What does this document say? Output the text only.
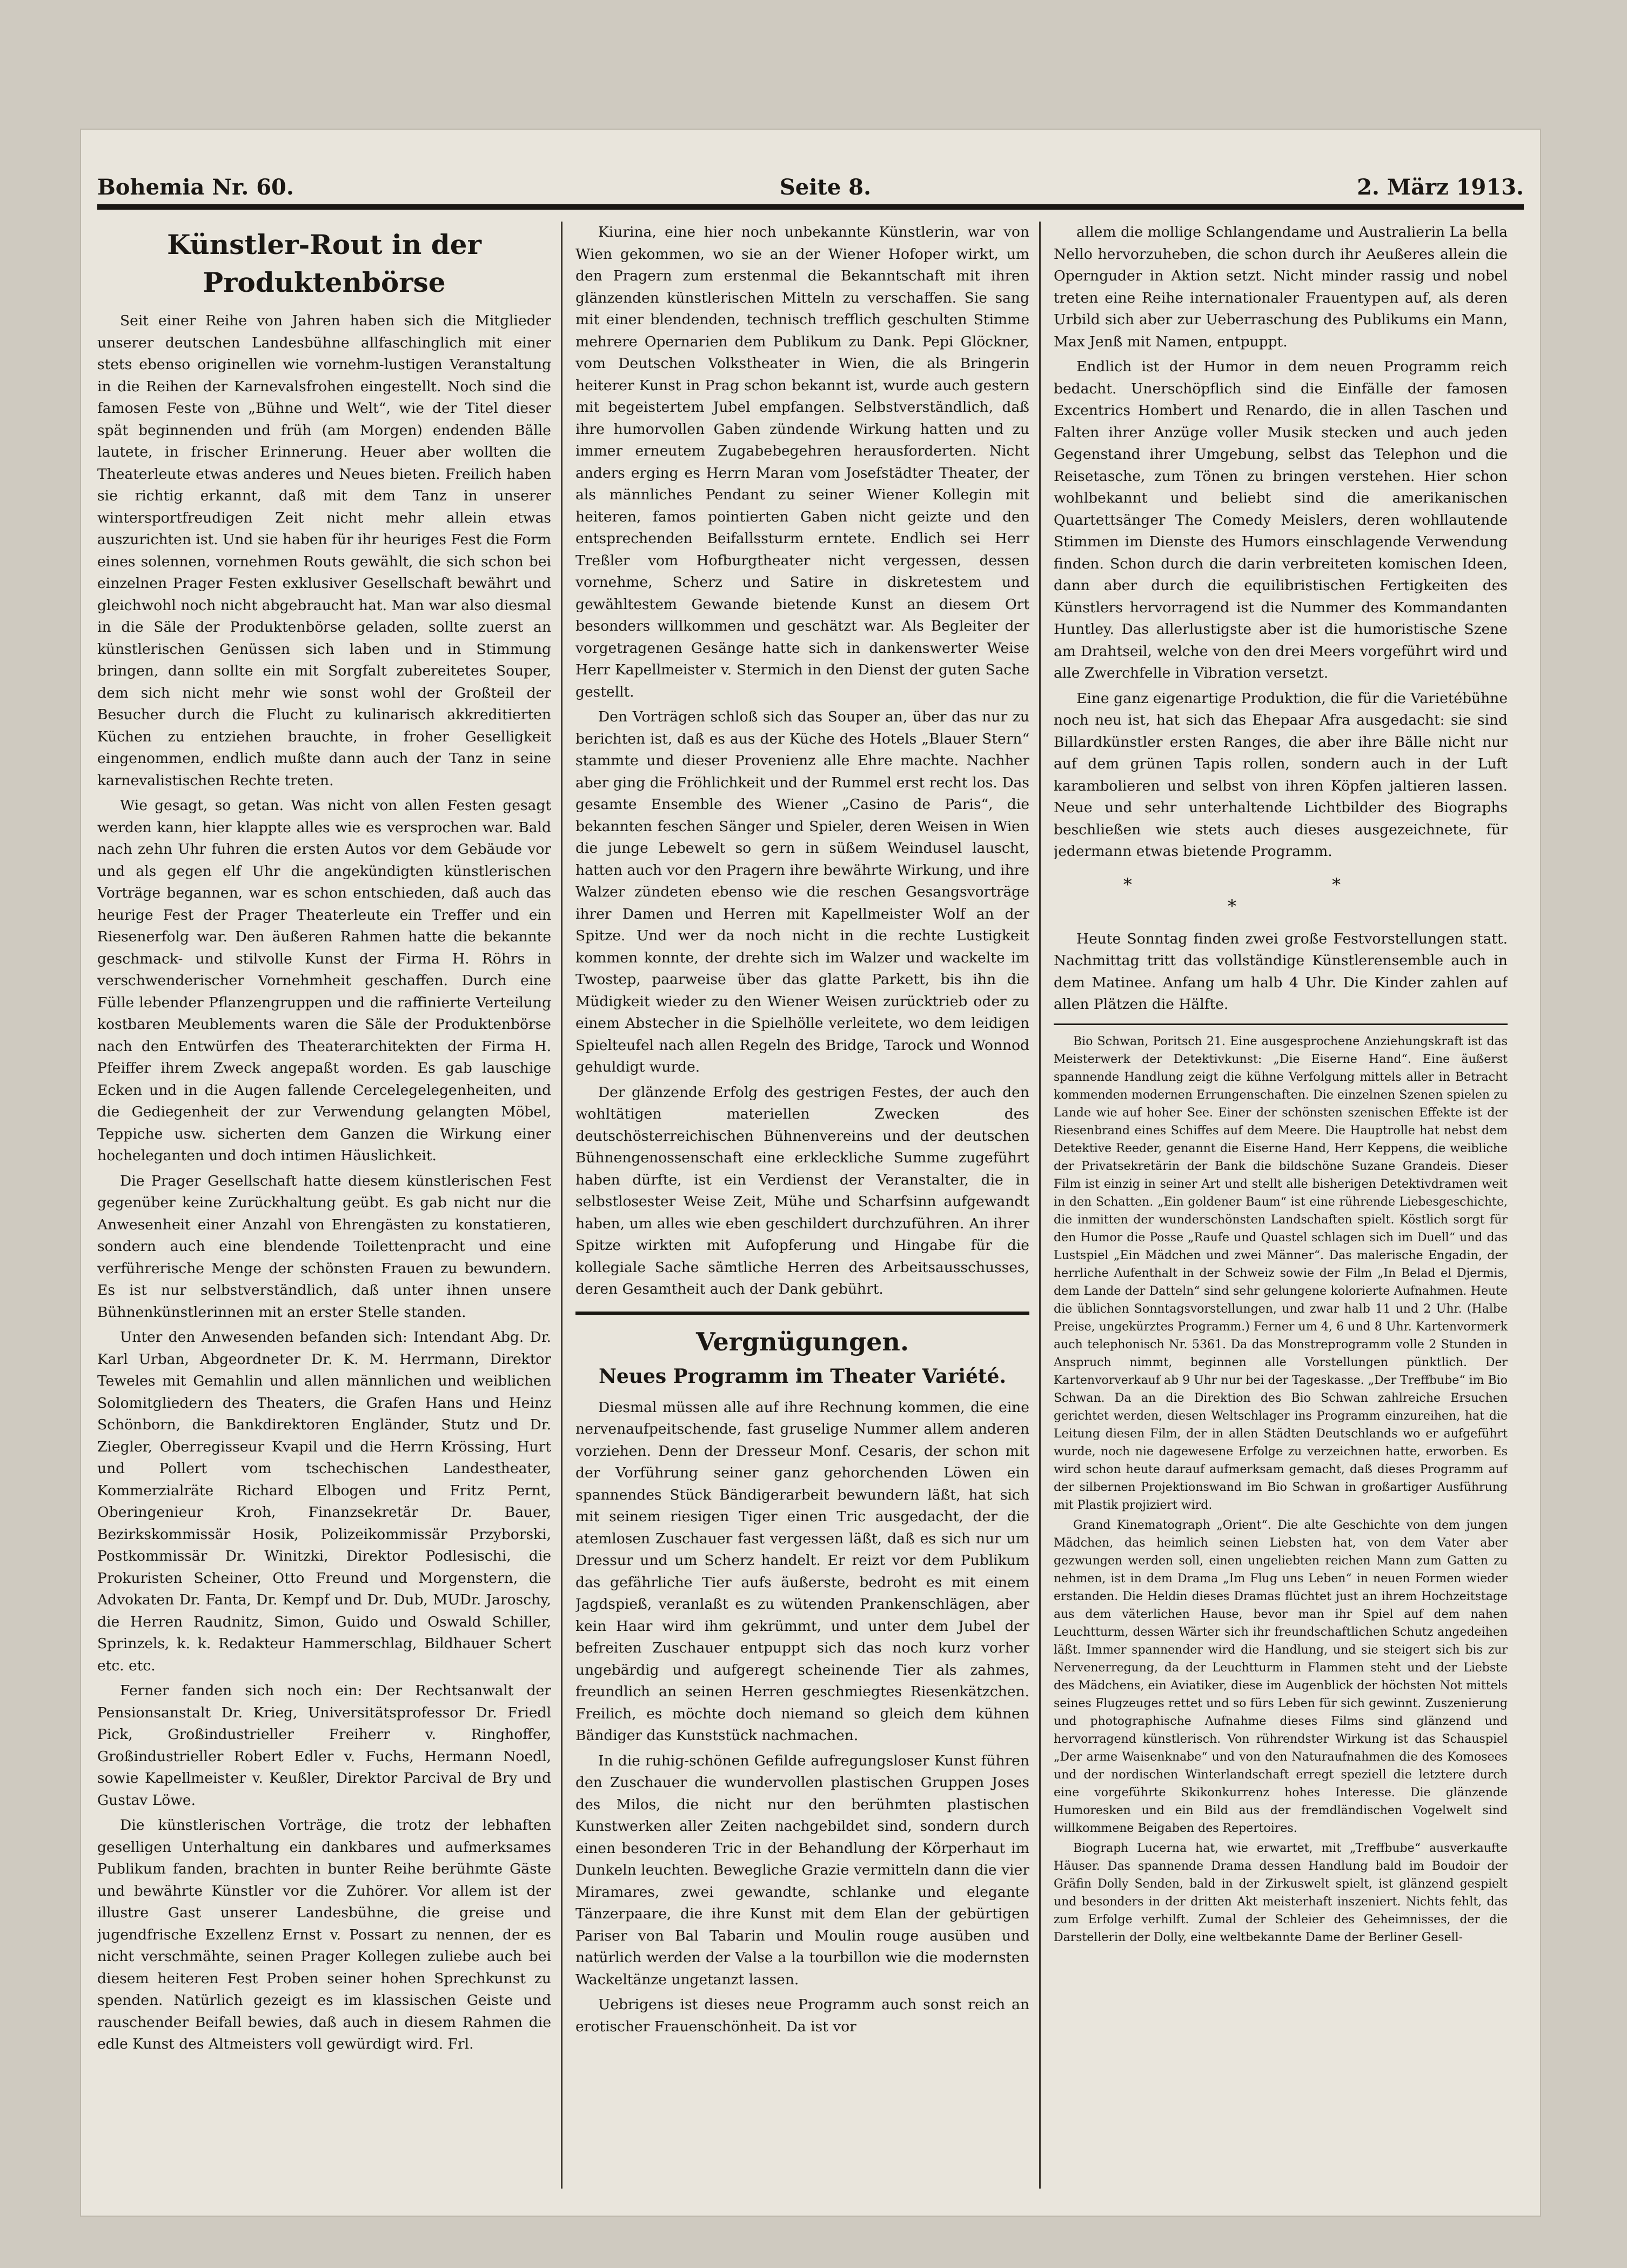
Bohemia Nr. 60.	Seite 8.	2. März 1913.
Künstler-Rout in der Produktenbörse

Seit einer Reihe von Jahren haben sich die Mitglieder unserer deutschen Landesbühne allfaschinglich mit einer stets ebenso originellen wie vornehm-lustigen Veranstaltung in die Reihen der Karnevalsfrohen eingestellt. Noch sind die famosen Feste von „Bühne und Welt“, wie der Titel dieser spät beginnenden und früh (am Morgen) endenden Bälle lautete, in frischer Erinnerung. Heuer aber wollten die Theaterleute etwas anderes und Neues bieten. Freilich haben sie richtig erkannt, daß mit dem Tanz in unserer wintersportfreudigen Zeit nicht mehr allein etwas auszurichten ist. Und sie haben für ihr heuriges Fest die Form eines solennen, vornehmen Routs gewählt, die sich schon bei einzelnen Prager Festen exklusiver Gesellschaft bewährt und gleichwohl noch nicht abgebraucht hat. Man war also diesmal in die Säle der Produktenbörse geladen, sollte zuerst an künstlerischen Genüssen sich laben und in Stimmung bringen, dann sollte ein mit Sorgfalt zubereitetes Souper, dem sich nicht mehr wie sonst wohl der Großteil der Besucher durch die Flucht zu kulinarisch akkreditierten Küchen zu entziehen brauchte, in froher Geselligkeit eingenommen, endlich mußte dann auch der Tanz in seine karnevalistischen Rechte treten.

Wie gesagt, so getan. Was nicht von allen Festen gesagt werden kann, hier klappte alles wie es versprochen war. Bald nach zehn Uhr fuhren die ersten Autos vor dem Gebäude vor und als gegen elf Uhr die angekündigten künstlerischen Vorträge begannen, war es schon entschieden, daß auch das heurige Fest der Prager Theaterleute ein Treffer und ein Riesenerfolg war. Den äußeren Rahmen hatte die bekannte geschmack- und stilvolle Kunst der Firma H. Röhrs in verschwenderischer Vornehmheit geschaffen. Durch eine Fülle lebender Pflanzengruppen und die raffinierte Verteilung kostbaren Meublements waren die Säle der Produktenbörse nach den Entwürfen des Theaterarchitekten der Firma H. Pfeiffer ihrem Zweck angepaßt worden. Es gab lauschige Ecken und in die Augen fallende Cercelegelegenheiten, und die Gediegenheit der zur Verwendung gelangten Möbel, Teppiche usw. sicherten dem Ganzen die Wirkung einer hocheleganten und doch intimen Häuslichkeit.

Die Prager Gesellschaft hatte diesem künstlerischen Fest gegenüber keine Zurückhaltung geübt. Es gab nicht nur die Anwesenheit einer Anzahl von Ehrengästen zu konstatieren, sondern auch eine blendende Toilettenpracht und eine verführerische Menge der schönsten Frauen zu bewundern. Es ist nur selbstverständlich, daß unter ihnen unsere Bühnenkünstlerinnen mit an erster Stelle standen.

Unter den Anwesenden befanden sich: Intendant Abg. Dr. Karl Urban, Abgeordneter Dr. K. M. Herrmann, Direktor Teweles mit Gemahlin und allen männlichen und weiblichen Solomitgliedern des Theaters, die Grafen Hans und Heinz Schönborn, die Bankdirektoren Engländer, Stutz und Dr. Ziegler, Oberregisseur Kvapil und die Herrn Krössing, Hurt und Pollert vom tschechischen Landestheater, Kommerzialräte Richard Elbogen und Fritz Pernt, Oberingenieur Kroh, Finanzsekretär Dr. Bauer, Bezirkskommissär Hosik, Polizeikommissär Przyborski, Postkommissär Dr. Winitzki, Direktor Podlesischi, die Prokuristen Scheiner, Otto Freund und Morgenstern, die Advokaten Dr. Fanta, Dr. Kempf und Dr. Dub, MUDr. Jaroschy, die Herren Raudnitz, Simon, Guido und Oswald Schiller, Sprinzels, k. k. Redakteur Hammerschlag, Bildhauer Schert etc. etc.

Ferner fanden sich noch ein: Der Rechtsanwalt der Pensionsanstalt Dr. Krieg, Universitätsprofessor Dr. Friedl Pick, Großindustrieller Freiherr v. Ringhoffer, Großindustrieller Robert Edler v. Fuchs, Hermann Noedl, sowie Kapellmeister v. Keußler, Direktor Parcival de Bry und Gustav Löwe.

Die künstlerischen Vorträge, die trotz der lebhaften geselligen Unterhaltung ein dankbares und aufmerksames Publikum fanden, brachten in bunter Reihe berühmte Gäste und bewährte Künstler vor die Zuhörer. Vor allem ist der illustre Gast unserer Landesbühne, die greise und jugendfrische Exzellenz Ernst v. Possart zu nennen, der es nicht verschmähte, seinen Prager Kollegen zuliebe auch bei diesem heiteren Fest Proben seiner hohen Sprechkunst zu spenden. Natürlich gezeigt es im klassischen Geiste und rauschender Beifall bewies, daß auch in diesem Rahmen die edle Kunst des Altmeisters voll gewürdigt wird. Frl.

Kiurina, eine hier noch unbekannte Künstlerin, war von Wien gekommen, wo sie an der Wiener Hofoper wirkt, um den Pragern zum erstenmal die Bekanntschaft mit ihren glänzenden künstlerischen Mitteln zu verschaffen. Sie sang mit einer blendenden, technisch trefflich geschulten Stimme mehrere Opernarien dem Publikum zu Dank. Pepi Glöckner, vom Deutschen Volkstheater in Wien, die als Bringerin heiterer Kunst in Prag schon bekannt ist, wurde auch gestern mit begeistertem Jubel empfangen. Selbstverständlich, daß ihre humorvollen Gaben zündende Wirkung hatten und zu immer erneutem Zugabebegehren herausforderten. Nicht anders erging es Herrn Maran vom Josefstädter Theater, der als männliches Pendant zu seiner Wiener Kollegin mit heiteren, famos pointierten Gaben nicht geizte und den entsprechenden Beifallssturm erntete. Endlich sei Herr Treßler vom Hofburgtheater nicht vergessen, dessen vornehme, Scherz und Satire in diskretestem und gewähltestem Gewande bietende Kunst an diesem Ort besonders willkommen und geschätzt war. Als Begleiter der vorgetragenen Gesänge hatte sich in dankenswerter Weise Herr Kapellmeister v. Stermich in den Dienst der guten Sache gestellt.

Den Vorträgen schloß sich das Souper an, über das nur zu berichten ist, daß es aus der Küche des Hotels „Blauer Stern“ stammte und dieser Provenienz alle Ehre machte. Nachher aber ging die Fröhlichkeit und der Rummel erst recht los. Das gesamte Ensemble des Wiener „Casino de Paris“, die bekannten feschen Sänger und Spieler, deren Weisen in Wien die junge Lebewelt so gern in süßem Weindusel lauscht, hatten auch vor den Pragern ihre bewährte Wirkung, und ihre Walzer zündeten ebenso wie die reschen Gesangsvorträge ihrer Damen und Herren mit Kapellmeister Wolf an der Spitze. Und wer da noch nicht in die rechte Lustigkeit kommen konnte, der drehte sich im Walzer und wackelte im Twostep, paarweise über das glatte Parkett, bis ihn die Müdigkeit wieder zu den Wiener Weisen zurücktrieb oder zu einem Abstecher in die Spielhölle verleitete, wo dem leidigen Spielteufel nach allen Regeln des Bridge, Tarock und Wonnod gehuldigt wurde.

Der glänzende Erfolg des gestrigen Festes, der auch den wohltätigen materiellen Zwecken des deutschösterreichischen Bühnenvereins und der deutschen Bühnengenossenschaft eine erkleckliche Summe zugeführt haben dürfte, ist ein Verdienst der Veranstalter, die in selbstlosester Weise Zeit, Mühe und Scharfsinn aufgewandt haben, um alles wie eben geschildert durchzuführen. An ihrer Spitze wirkten mit Aufopferung und Hingabe für die kollegiale Sache sämtliche Herren des Arbeitsausschusses, deren Gesamtheit auch der Dank gebührt.

Vergnügungen.
Neues Programm im Theater Variété.

Diesmal müssen alle auf ihre Rechnung kommen, die eine nervenaufpeitschende, fast gruselige Nummer allem anderen vorziehen. Denn der Dresseur Monf. Cesaris, der schon mit der Vorführung seiner ganz gehorchenden Löwen ein spannendes Stück Bändigerarbeit bewundern läßt, hat sich mit seinem riesigen Tiger einen Tric ausgedacht, der die atemlosen Zuschauer fast vergessen läßt, daß es sich nur um Dressur und um Scherz handelt. Er reizt vor dem Publikum das gefährliche Tier aufs äußerste, bedroht es mit einem Jagdspieß, veranlaßt es zu wütenden Prankenschlägen, aber kein Haar wird ihm gekrümmt, und unter dem Jubel der befreiten Zuschauer entpuppt sich das noch kurz vorher ungebärdig und aufgeregt scheinende Tier als zahmes, freundlich an seinen Herren geschmiegtes Riesenkätzchen. Freilich, es möchte doch niemand so gleich dem kühnen Bändiger das Kunststück nachmachen.

In die ruhig-schönen Gefilde aufregungsloser Kunst führen den Zuschauer die wundervollen plastischen Gruppen Joses des Milos, die nicht nur den berühmten plastischen Kunstwerken aller Zeiten nachgebildet sind, sondern durch einen besonderen Tric in der Behandlung der Körperhaut im Dunkeln leuchten. Bewegliche Grazie vermitteln dann die vier Miramares, zwei gewandte, schlanke und elegante Tänzerpaare, die ihre Kunst mit dem Elan der gebürtigen Pariser von Bal Tabarin und Moulin rouge ausüben und natürlich werden der Valse a la tourbillon wie die modernsten Wackeltänze ungetanzt lassen.

Uebrigens ist dieses neue Programm auch sonst reich an erotischer Frauenschönheit. Da ist vor

allem die mollige Schlangendame und Australierin La bella Nello hervorzuheben, die schon durch ihr Aeußeres allein die Opernguder in Aktion setzt. Nicht minder rassig und nobel treten eine Reihe internationaler Frauentypen auf, als deren Urbild sich aber zur Ueberraschung des Publikums ein Mann, Max Jenß mit Namen, entpuppt.

Endlich ist der Humor in dem neuen Programm reich bedacht. Unerschöpflich sind die Einfälle der famosen Excentrics Hombert und Renardo, die in allen Taschen und Falten ihrer Anzüge voller Musik stecken und auch jeden Gegenstand ihrer Umgebung, selbst das Telephon und die Reisetasche, zum Tönen zu bringen verstehen. Hier schon wohlbekannt und beliebt sind die amerikanischen Quartettsänger The Comedy Meislers, deren wohllautende Stimmen im Dienste des Humors einschlagende Verwendung finden. Schon durch die darin verbreiteten komischen Ideen, dann aber durch die equilibristischen Fertigkeiten des Künstlers hervorragend ist die Nummer des Kommandanten Huntley. Das allerlustigste aber ist die humoristische Szene am Drahtseil, welche von den drei Meers vorgeführt wird und alle Zwerchfelle in Vibration versetzt.

Eine ganz eigenartige Produktion, die für die Varietébühne noch neu ist, hat sich das Ehepaar Afra ausgedacht: sie sind Billardkünstler ersten Ranges, die aber ihre Bälle nicht nur auf dem grünen Tapis rollen, sondern auch in der Luft karambolieren und selbst von ihren Köpfen jaltieren lassen. Neue und sehr unterhaltende Lichtbilder des Biographs beschließen wie stets auch dieses ausgezeichnete, für jedermann etwas bietende Programm.

* * *

Heute Sonntag finden zwei große Festvorstellungen statt. Nachmittag tritt das vollständige Künstlerensemble auch in dem Matinee. Anfang um halb 4 Uhr. Die Kinder zahlen auf allen Plätzen die Hälfte.

Bio Schwan, Poritsch 21. Eine ausgesprochene Anziehungskraft ist das Meisterwerk der Detektivkunst: „Die Eiserne Hand“. Eine äußerst spannende Handlung zeigt die kühne Verfolgung mittels aller in Betracht kommenden modernen Errungenschaften. Die einzelnen Szenen spielen zu Lande wie auf hoher See. Einer der schönsten szenischen Effekte ist der Riesenbrand eines Schiffes auf dem Meere. Die Hauptrolle hat nebst dem Detektive Reeder, genannt die Eiserne Hand, Herr Keppens, die weibliche der Privatsekretärin der Bank die bildschöne Suzane Grandeis. Dieser Film ist einzig in seiner Art und stellt alle bisherigen Detektivdramen weit in den Schatten. „Ein goldener Baum“ ist eine rührende Liebesgeschichte, die inmitten der wunderschönsten Landschaften spielt. Köstlich sorgt für den Humor die Posse „Raufe und Quastel schlagen sich im Duell“ und das Lustspiel „Ein Mädchen und zwei Männer“. Das malerische Engadin, der herrliche Aufenthalt in der Schweiz sowie der Film „In Belad el Djermis, dem Lande der Datteln“ sind sehr gelungene kolorierte Aufnahmen. Heute die üblichen Sonntagsvorstellungen, und zwar halb 11 und 2 Uhr. (Halbe Preise, ungekürztes Programm.) Ferner um 4, 6 und 8 Uhr. Kartenvormerk auch telephonisch Nr. 5361. Da das Monstreprogramm volle 2 Stunden in Anspruch nimmt, beginnen alle Vorstellungen pünktlich. Der Kartenvorverkauf ab 9 Uhr nur bei der Tageskasse. „Der Treffbube“ im Bio Schwan. Da an die Direktion des Bio Schwan zahlreiche Ersuchen gerichtet werden, diesen Weltschlager ins Programm einzureihen, hat die Leitung diesen Film, der in allen Städten Deutschlands wo er aufgeführt wurde, noch nie dagewesene Erfolge zu verzeichnen hatte, erworben. Es wird schon heute darauf aufmerksam gemacht, daß dieses Programm auf der silbernen Projektionswand im Bio Schwan in großartiger Ausführung mit Plastik projiziert wird.

Grand Kinematograph „Orient“. Die alte Geschichte von dem jungen Mädchen, das heimlich seinen Liebsten hat, von dem Vater aber gezwungen werden soll, einen ungeliebten reichen Mann zum Gatten zu nehmen, ist in dem Drama „Im Flug uns Leben“ in neuen Formen wieder erstanden. Die Heldin dieses Dramas flüchtet just an ihrem Hochzeitstage aus dem väterlichen Hause, bevor man ihr Spiel auf dem nahen Leuchtturm, dessen Wärter sich ihr freundschaftlichen Schutz angedeihen läßt. Immer spannender wird die Handlung, und sie steigert sich bis zur Nervenerregung, da der Leuchtturm in Flammen steht und der Liebste des Mädchens, ein Aviatiker, diese im Augenblick der höchsten Not mittels seines Flugzeuges rettet und so fürs Leben für sich gewinnt. Zuszenierung und photographische Aufnahme dieses Films sind glänzend und hervorragend künstlerisch. Von rührendster Wirkung ist das Schauspiel „Der arme Waisenknabe“ und von den Naturaufnahmen die des Komosees und der nordischen Winterlandschaft erregt speziell die letztere durch eine vorgeführte Skikonkurrenz hohes Interesse. Die glänzende Humoresken und ein Bild aus der fremdländischen Vogelwelt sind willkommene Beigaben des Repertoires.

Biograph Lucerna hat, wie erwartet, mit „Treffbube“ ausverkaufte Häuser. Das spannende Drama dessen Handlung bald im Boudoir der Gräfin Dolly Senden, bald in der Zirkuswelt spielt, ist glänzend gespielt und besonders in der dritten Akt meisterhaft inszeniert. Nichts fehlt, das zum Erfolge verhilft. Zumal der Schleier des Geheimnisses, der die Darstellerin der Dolly, eine weltbekannte Dame der Berliner Gesell-
